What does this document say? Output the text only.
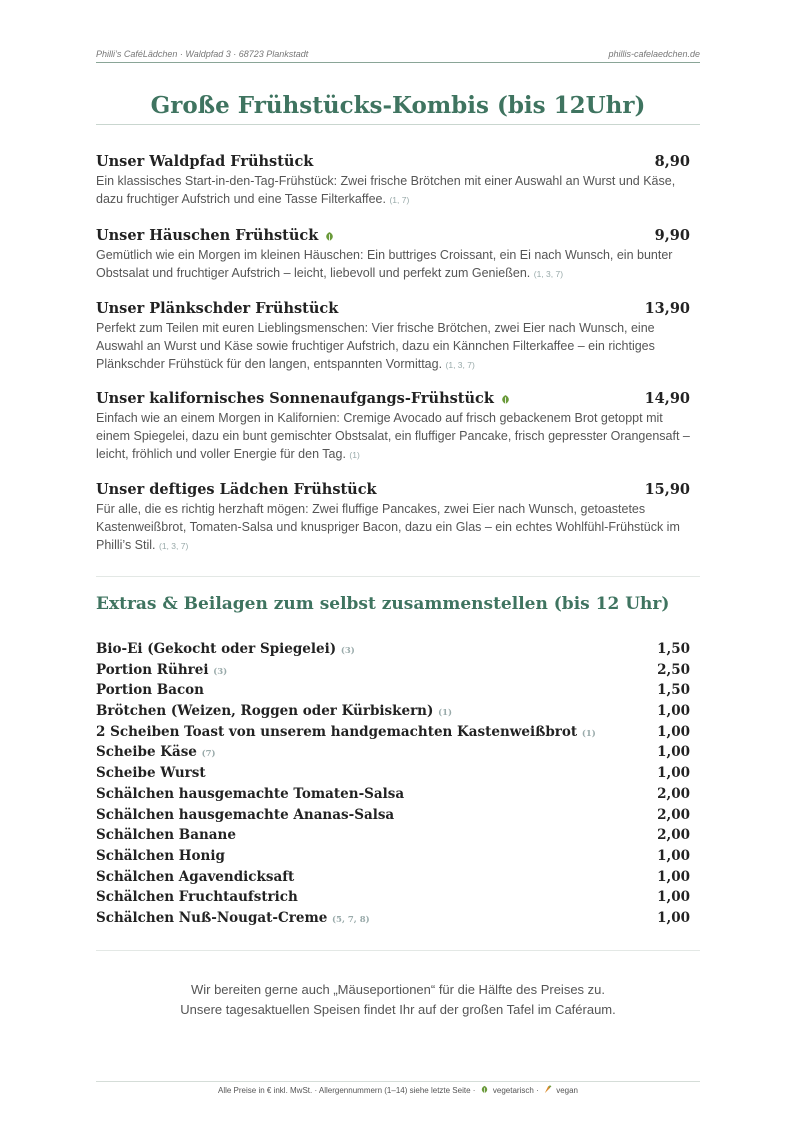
Philli’s CaféLädchen · Waldpfad 3 · 68723 Plankstadt	phillis-cafelaedchen.de
Große Frühstücks-Kombis (bis 12Uhr)
Unser Waldpfad Frühstück	8,90
Ein klassisches Start-in-den-Tag-Frühstück: Zwei frische Brötchen mit einer Auswahl an Wurst und Käse, dazu fruchtiger Aufstrich und eine Tasse Filterkaffee. (1, 7)
Unser Häuschen Frühstück	9,90
Gemütlich wie ein Morgen im kleinen Häuschen: Ein buttriges Croissant, ein Ei nach Wunsch, ein bunter Obstsalat und fruchtiger Aufstrich – leicht, liebevoll und perfekt zum Genießen. (1, 3, 7)
Unser Plänkschder Frühstück	13,90
Perfekt zum Teilen mit euren Lieblingsmenschen: Vier frische Brötchen, zwei Eier nach Wunsch, eine Auswahl an Wurst und Käse sowie fruchtiger Aufstrich, dazu ein Kännchen Filterkaffee – ein richtiges Plänkschder Frühstück für den langen, entspannten Vormittag. (1, 3, 7)
Unser kalifornisches Sonnenaufgangs-Frühstück	14,90
Einfach wie an einem Morgen in Kalifornien: Cremige Avocado auf frisch gebackenem Brot getoppt mit einem Spiegelei, dazu ein bunt gemischter Obstsalat, ein fluffiger Pancake, frisch gepresster Orangensaft – leicht, fröhlich und voller Energie für den Tag. (1)
Unser deftiges Lädchen Frühstück	15,90
Für alle, die es richtig herzhaft mögen: Zwei fluffige Pancakes, zwei Eier nach Wunsch, getoastetes Kastenweißbrot, Tomaten-Salsa und knuspriger Bacon, dazu ein Glas – ein echtes Wohlfühl-Frühstück im Philli’s Stil. (1, 3, 7)
Extras & Beilagen zum selbst zusammenstellen (bis 12 Uhr)
Bio-Ei (Gekocht oder Spiegelei) (3)	1,50
Portion Rührei (3)	2,50
Portion Bacon	1,50
Brötchen (Weizen, Roggen oder Kürbiskern) (1)	1,00
2 Scheiben Toast von unserem handgemachten Kastenweißbrot (1)	1,00
Scheibe Käse (7)	1,00
Scheibe Wurst	1,00
Schälchen hausgemachte Tomaten-Salsa	2,00
Schälchen hausgemachte Ananas-Salsa	2,00
Schälchen Banane	2,00
Schälchen Honig	1,00
Schälchen Agavendicksaft	1,00
Schälchen Fruchtaufstrich	1,00
Schälchen Nuß-Nougat-Creme (5, 7, 8)	1,00
Wir bereiten gerne auch „Mäuseportionen“ für die Hälfte des Preises zu.
Unsere tagesaktuellen Speisen findet Ihr auf der großen Tafel im Caféraum.
Alle Preise in € inkl. MwSt. · Allergennummern (1–14) siehe letzte Seite · vegetarisch · vegan
